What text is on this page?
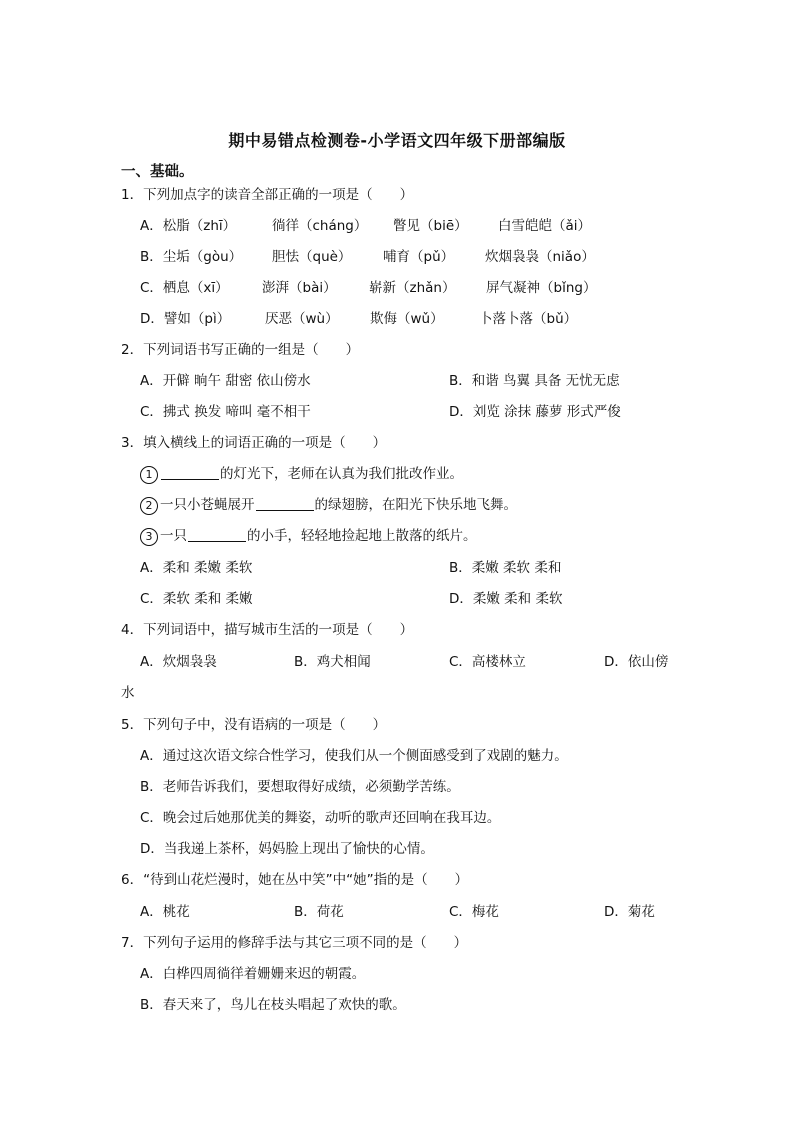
期中易错点检测卷-小学语文四年级下册部编版
一、基础。
1．下列加点字的读音全部正确的一项是（　　）
A．松脂（zhī）	徜徉（cháng） 瞥见（biē） 白雪皑皑（ǎi）
B．尘垢（gòu） 胆怯（què） 哺育（pǔ） 炊烟袅袅（niǎo）
C．栖息（xī） 澎湃（bài） 崭新（zhǎn） 屏气凝神（bǐng）
D．譬如（pì）	厌恶（wù） 欺侮（wǔ）	卜落卜落（bǔ）
2．下列词语书写正确的一组是（　　）
A．开僻 晌午 甜密 依山傍水	B．和谐 鸟翼 具备 无忧无虑
C．拂式 换发 啼叫 毫不相干	D．刘览 涂抹 藤萝 形式严俊
3．填入横线上的词语正确的一项是（　　）
1	的灯光下，老师在认真为我们批改作业。
2 一只小苍蝇展开	的绿翅膀，在阳光下快乐地飞舞。
3 一只	的小手，轻轻地捡起地上散落的纸片。
A．柔和 柔嫩 柔软	B．柔嫩 柔软 柔和
C．柔软 柔和 柔嫩	D．柔嫩 柔和 柔软
4．下列词语中，描写城市生活的一项是（　　）
A．炊烟袅袅	B．鸡犬相闻	C．高楼林立	D．依山傍
水
5．下列句子中，没有语病的一项是（　　）
A．通过这次语文综合性学习，使我们从一个侧面感受到了戏剧的魅力。
B．老师告诉我们，要想取得好成绩，必须勤学苦练。
C．晚会过后她那优美的舞姿，动听的歌声还回响在我耳边。
D．当我递上茶杯，妈妈脸上现出了愉快的心情。
6．“待到山花烂漫时，她在丛中笑”中“她”指的是（　　）
A．桃花	B．荷花	C．梅花	D．菊花
7．下列句子运用的修辞手法与其它三项不同的是（　　）
A．白桦四周徜徉着姗姗来迟的朝霞。
B．春天来了，鸟儿在枝头唱起了欢快的歌。
